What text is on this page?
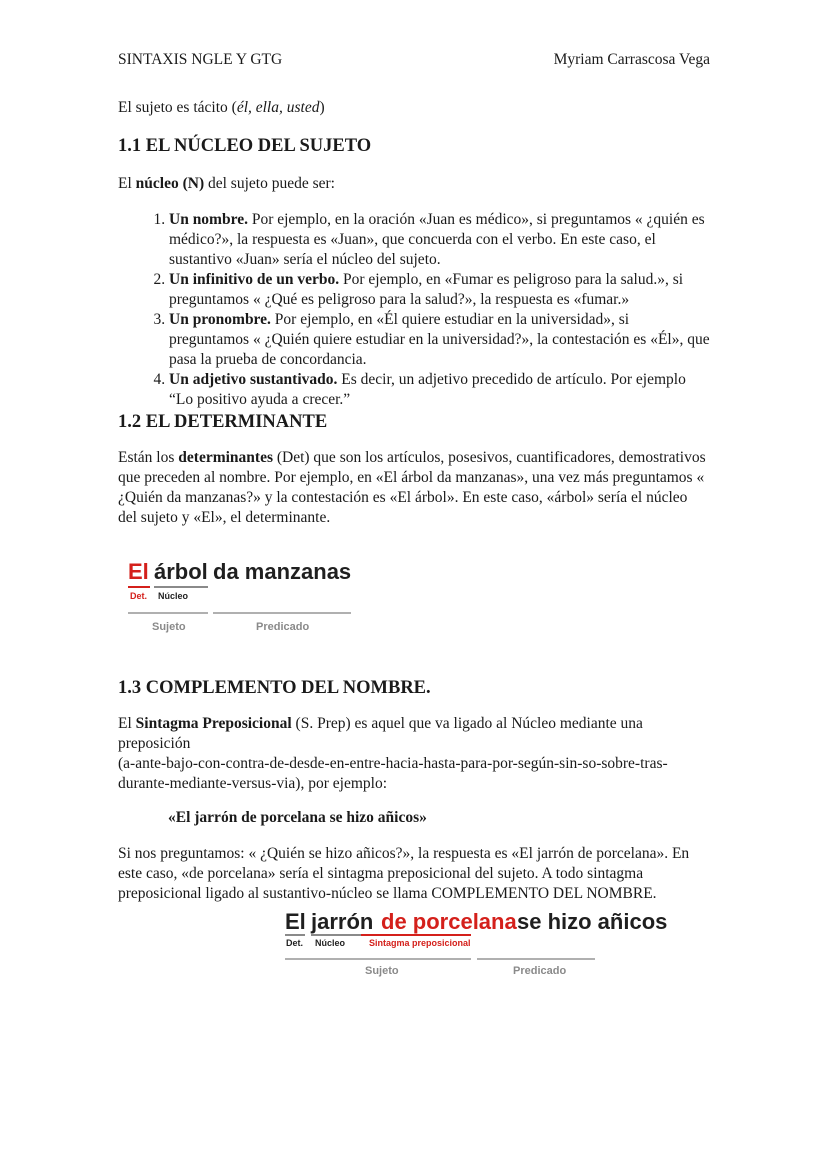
SINTAXIS NGLE Y GTG	Myriam Carrascosa Vega

El sujeto es tácito (él, ella, usted)

1.1 EL NÚCLEO DEL SUJETO

El núcleo (N) del sujeto puede ser:

1. Un nombre. Por ejemplo, en la oración «Juan es médico», si preguntamos « ¿quién es médico?», la respuesta es «Juan», que concuerda con el verbo. En este caso, el sustantivo «Juan» sería el núcleo del sujeto.
2. Un infinitivo de un verbo. Por ejemplo, en «Fumar es peligroso para la salud.», si preguntamos « ¿Qué es peligroso para la salud?», la respuesta es «fumar.»
3. Un pronombre. Por ejemplo, en «Él quiere estudiar en la universidad», si preguntamos « ¿Quién quiere estudiar en la universidad?», la contestación es «Él», que pasa la prueba de concordancia.
4. Un adjetivo sustantivado. Es decir, un adjetivo precedido de artículo. Por ejemplo “Lo positivo ayuda a crecer.”
1.2 EL DETERMINANTE

Están los determinantes (Det) que son los artículos, posesivos, cuantificadores, demostrativos que preceden al nombre. Por ejemplo, en «El árbol da manzanas», una vez más preguntamos « ¿Quién da manzanas?» y la contestación es «El árbol». En este caso, «árbol» sería el núcleo del sujeto y «El», el determinante.

El árbol da manzanas
Det. Núcleo
Sujeto	Predicado
1.3 COMPLEMENTO DEL NOMBRE.

El Sintagma Preposicional (S. Prep) es aquel que va ligado al Núcleo mediante una preposición
(a-ante-bajo-con-contra-de-desde-en-entre-hacia-hasta-para-por-según-sin-so-sobre-tras-durante-mediante-versus-via), por ejemplo:

«El jarrón de porcelana se hizo añicos»

Si nos preguntamos: « ¿Quién se hizo añicos?», la respuesta es «El jarrón de porcelana». En este caso, «de porcelana» sería el sintagma preposicional del sujeto. A todo sintagma preposicional ligado al sustantivo-núcleo se llama COMPLEMENTO DEL NOMBRE.

El jarrón de porcelana se hizo añicos
Det. Núcleo	Sintagma preposicional
Sujeto	Predicado
